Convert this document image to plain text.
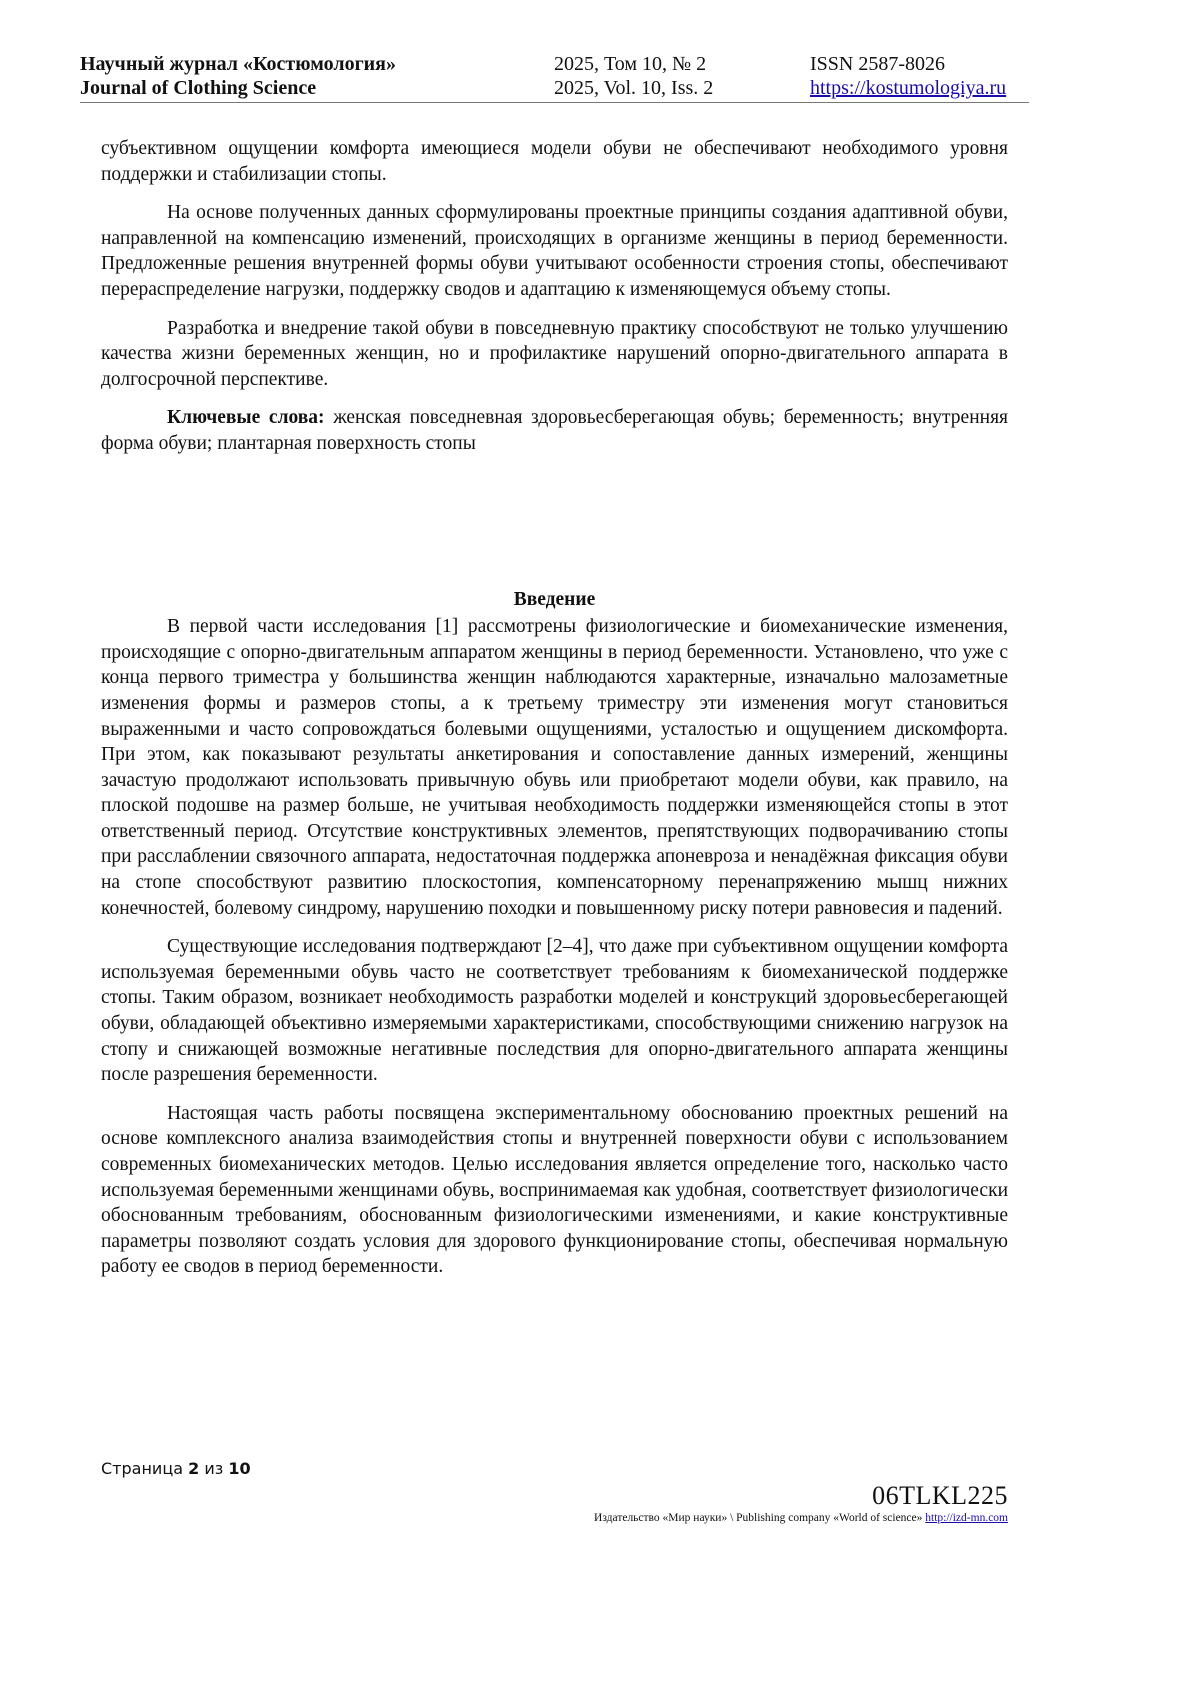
Научный журнал «Костюмология»
Journal of Clothing Science
2025, Том 10, № 2
2025, Vol. 10, Iss. 2
ISSN 2587-8026
https://kostumologiya.ru

субъективном ощущении комфорта имеющиеся модели обуви не обеспечивают необходимого уровня поддержки и стабилизации стопы.

На основе полученных данных сформулированы проектные принципы создания адаптивной обуви, направленной на компенсацию изменений, происходящих в организме женщины в период беременности. Предложенные решения внутренней формы обуви учитывают особенности строения стопы, обеспечивают перераспределение нагрузки, поддержку сводов и адаптацию к изменяющемуся объему стопы.

Разработка и внедрение такой обуви в повседневную практику способствуют не только улучшению качества жизни беременных женщин, но и профилактике нарушений опорно-двигательного аппарата в долгосрочной перспективе.

Ключевые слова: женская повседневная здоровьесберегающая обувь; беременность; внутренняя форма обуви; плантарная поверхность стопы

Введение

В первой части исследования [1] рассмотрены физиологические и биомеханические изменения, происходящие с опорно-двигательным аппаратом женщины в период беременности. Установлено, что уже с конца первого триместра у большинства женщин наблюдаются характерные, изначально малозаметные изменения формы и размеров стопы, а к третьему триместру эти изменения могут становиться выраженными и часто сопровождаться болевыми ощущениями, усталостью и ощущением дискомфорта. При этом, как показывают результаты анкетирования и сопоставление данных измерений, женщины зачастую продолжают использовать привычную обувь или приобретают модели обуви, как правило, на плоской подошве на размер больше, не учитывая необходимость поддержки изменяющейся стопы в этот ответственный период. Отсутствие конструктивных элементов, препятствующих подворачиванию стопы при расслаблении связочного аппарата, недостаточная поддержка апоневроза и ненадёжная фиксация обуви на стопе способствуют развитию плоскостопия, компенсаторному перенапряжению мышц нижних конечностей, болевому синдрому, нарушению походки и повышенному риску потери равновесия и падений.

Существующие исследования подтверждают [2–4], что даже при субъективном ощущении комфорта используемая беременными обувь часто не соответствует требованиям к биомеханической поддержке стопы. Таким образом, возникает необходимость разработки моделей и конструкций здоровьесберегающей обуви, обладающей объективно измеряемыми характеристиками, способствующими снижению нагрузок на стопу и снижающей возможные негативные последствия для опорно-двигательного аппарата женщины после разрешения беременности.

Настоящая часть работы посвящена экспериментальному обоснованию проектных решений на основе комплексного анализа взаимодействия стопы и внутренней поверхности обуви с использованием современных биомеханических методов. Целью исследования является определение того, насколько часто используемая беременными женщинами обувь, воспринимаемая как удобная, соответствует физиологически обоснованным требованиям, обоснованным физиологическими изменениями, и какие конструктивные параметры позволяют создать условия для здорового функционирование стопы, обеспечивая нормальную работу ее сводов в период беременности.

Страница 2 из 10
06TLKL225
Издательство «Мир науки» \ Publishing company «World of science» http://izd-mn.com
